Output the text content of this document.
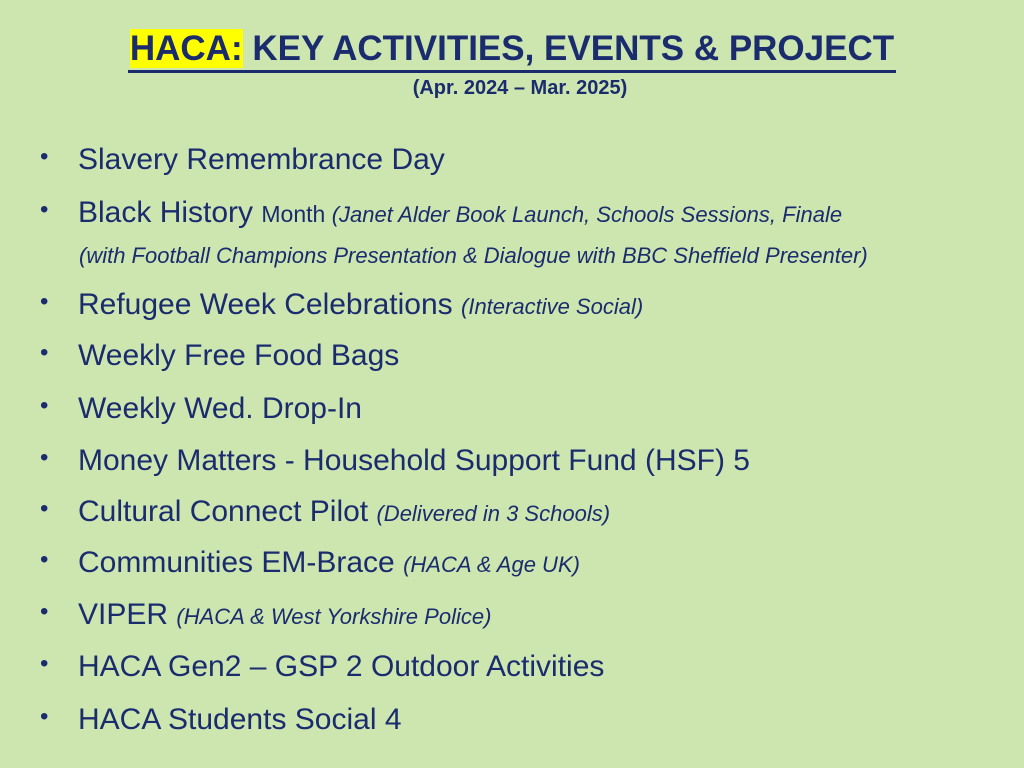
HACA: KEY ACTIVITIES, EVENTS & PROJECT
(Apr. 2024 – Mar. 2025)
• Slavery Remembrance Day
• Black History Month (Janet Alder Book Launch, Schools Sessions, Finale
• Refugee Week Celebrations (Interactive Social)
• Weekly Free Food Bags
• Weekly Wed. Drop-In
• Money Matters - Household Support Fund (HSF) 5
• Cultural Connect Pilot (Delivered in 3 Schools)
• Communities EM-Brace (HACA & Age UK)
• VIPER (HACA & West Yorkshire Police)
• HACA Gen2 – GSP 2 Outdoor Activities
• HACA Students Social 4
(with Football Champions Presentation & Dialogue with BBC Sheffield Presenter)
